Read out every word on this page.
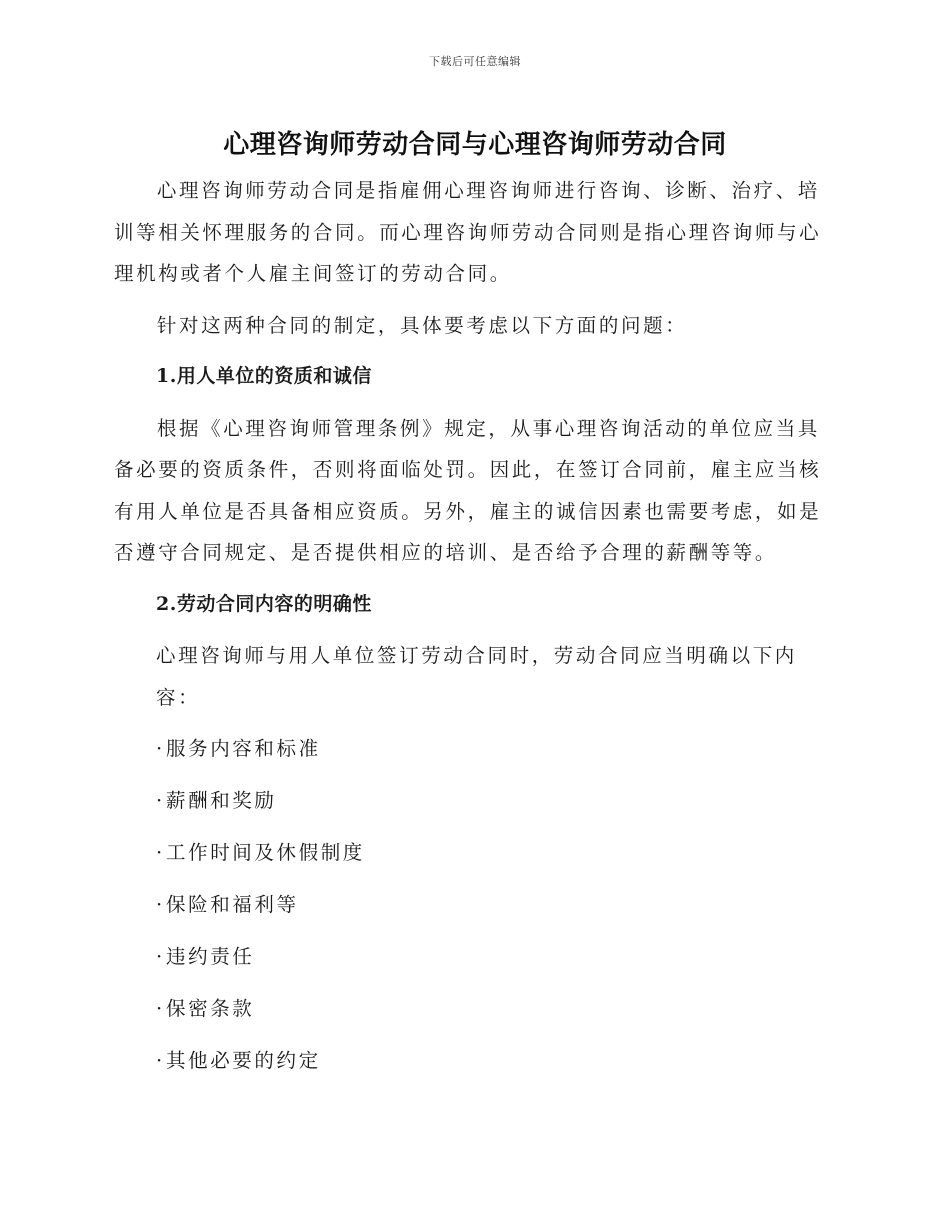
下载后可任意编辑
心理咨询师劳动合同与心理咨询师劳动合同

心理咨询师劳动合同是指雇佣心理咨询师进行咨询、诊断、治疗、培训等相关怀理服务的合同。而心理咨询师劳动合同则是指心理咨询师与心理机构或者个人雇主间签订的劳动合同。

针对这两种合同的制定，具体要考虑以下方面的问题：

1.用人单位的资质和诚信

根据《心理咨询师管理条例》规定，从事心理咨询活动的单位应当具备必要的资质条件，否则将面临处罚。因此，在签订合同前，雇主应当核有用人单位是否具备相应资质。另外，雇主的诚信因素也需要考虑，如是否遵守合同规定、是否提供相应的培训、是否给予合理的薪酬等等。

2.劳动合同内容的明确性

心理咨询师与用人单位签订劳动合同时，劳动合同应当明确以下内容：

· 服务内容和标准
· 薪酬和奖励
· 工作时间及休假制度
· 保险和福利等
· 违约责任
· 保密条款
· 其他必要的约定
